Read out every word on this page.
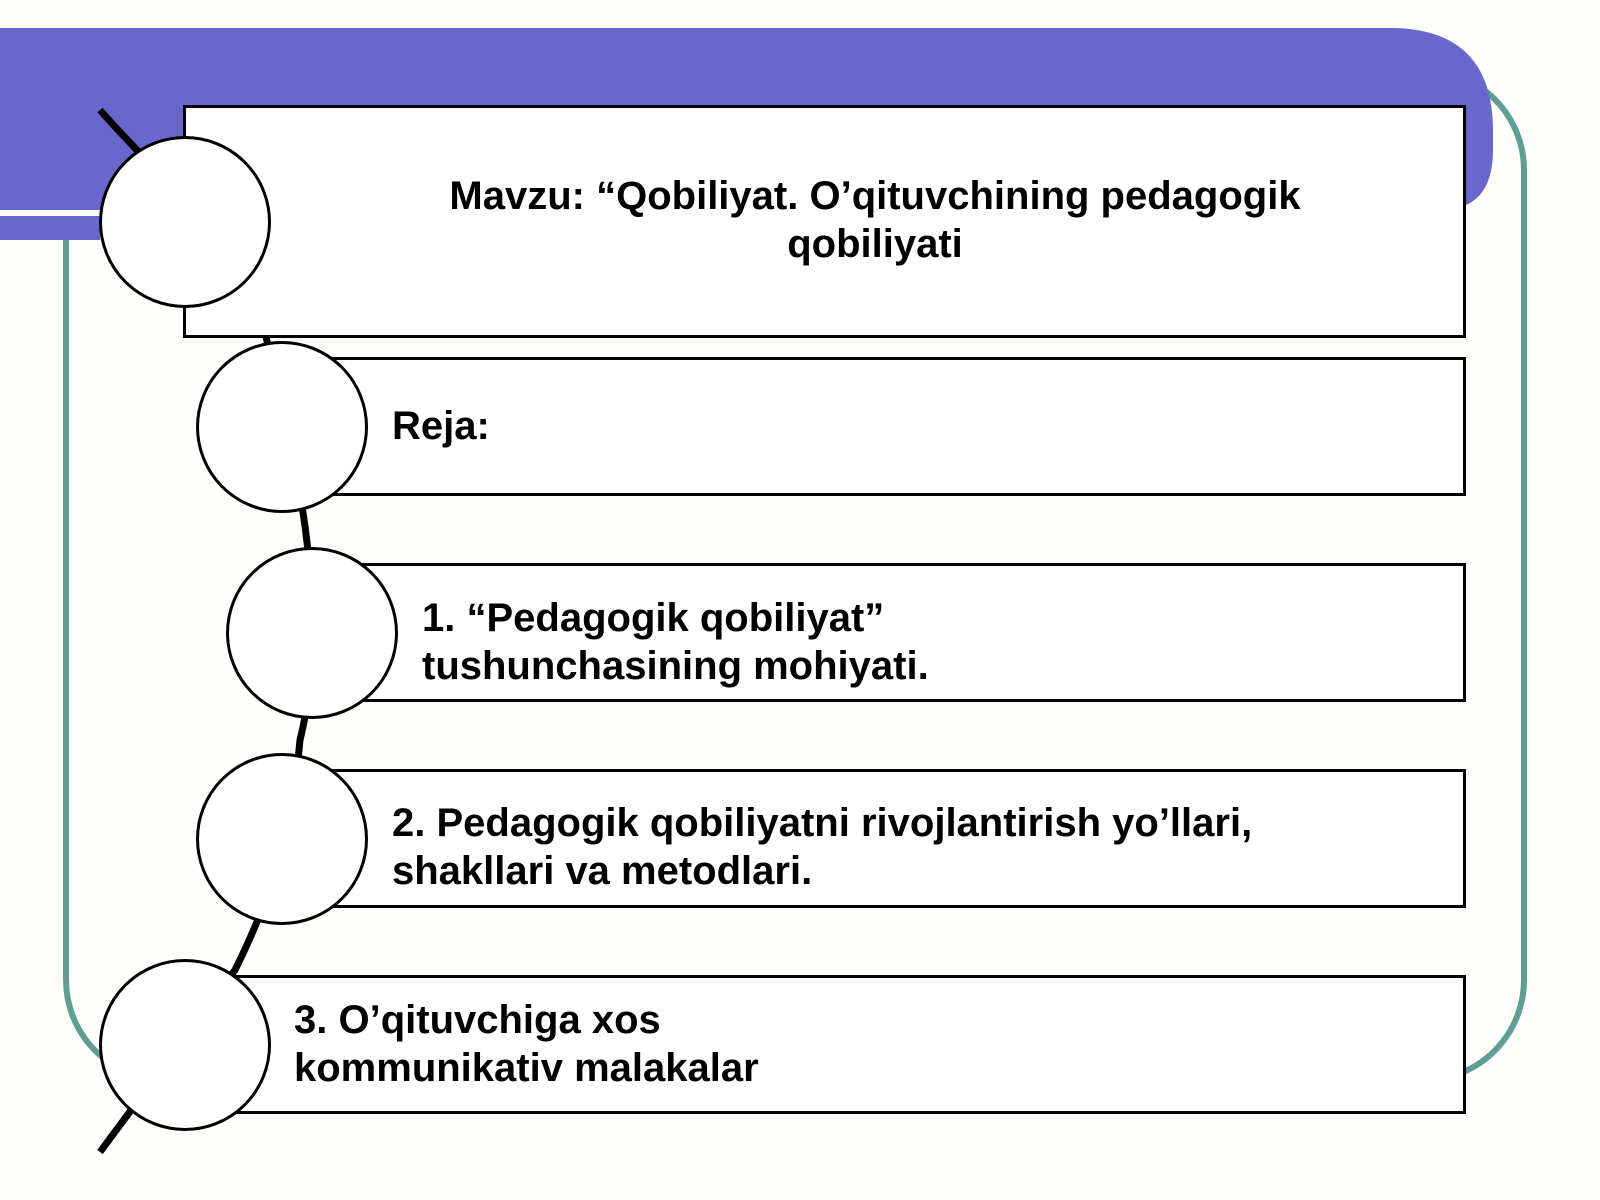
Mavzu: “Qobiliyat. O’qituvchining pedagogik
qobiliyati
Reja:
1. “Pedagogik qobiliyat”
tushunchasining mohiyati.
2. Pedagogik qobiliyatni rivojlantirish yo’llari,
shakllari va metodlari.
3. O’qituvchiga xos
kommunikativ malakalar
